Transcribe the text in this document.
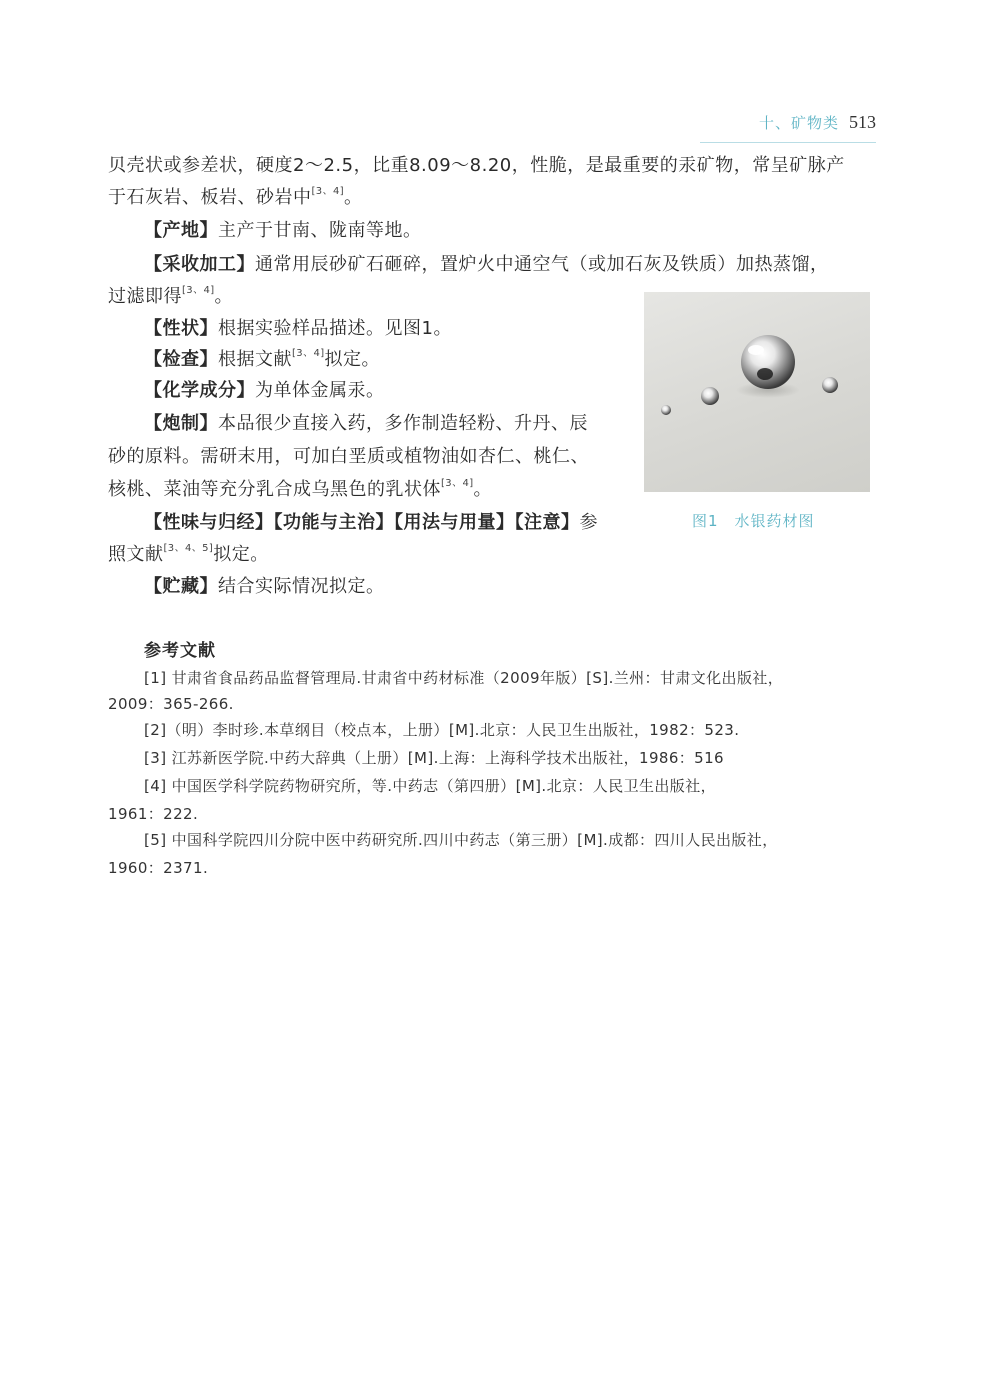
十、矿物类 513
贝壳状或参差状，硬度2～2.5，比重8.09～8.20，性脆，是最重要的汞矿物，常呈矿脉产
于石灰岩、板岩、砂岩中[3、4]。
【产地】主产于甘南、陇南等地。
【采收加工】通常用辰砂矿石砸碎，置炉火中通空气（或加石灰及铁质）加热蒸馏，
过滤即得[3、4]。
【性状】根据实验样品描述。见图1。
【检查】根据文献[3、4]拟定。
【化学成分】为单体金属汞。
【炮制】本品很少直接入药，多作制造轻粉、升丹、辰
砂的原料。需研末用，可加白垩质或植物油如杏仁、桃仁、
核桃、菜油等充分乳合成乌黑色的乳状体[3、4]。
【性味与归经】【功能与主治】【用法与用量】【注意】参
照文献[3、4、5]拟定。
【贮藏】结合实际情况拟定。
图1　水银药材图
参考文献
[1] 甘肃省食品药品监督管理局.甘肃省中药材标准（2009年版）[S].兰州：甘肃文化出版社，
2009：365-266.
[2]（明）李时珍.本草纲目（校点本，上册）[M].北京：人民卫生出版社，1982：523.
[3] 江苏新医学院.中药大辞典（上册）[M].上海：上海科学技术出版社，1986：516
[4] 中国医学科学院药物研究所，等.中药志（第四册）[M].北京：人民卫生出版社，
1961：222.
[5] 中国科学院四川分院中医中药研究所.四川中药志（第三册）[M].成都：四川人民出版社，
1960：2371.
